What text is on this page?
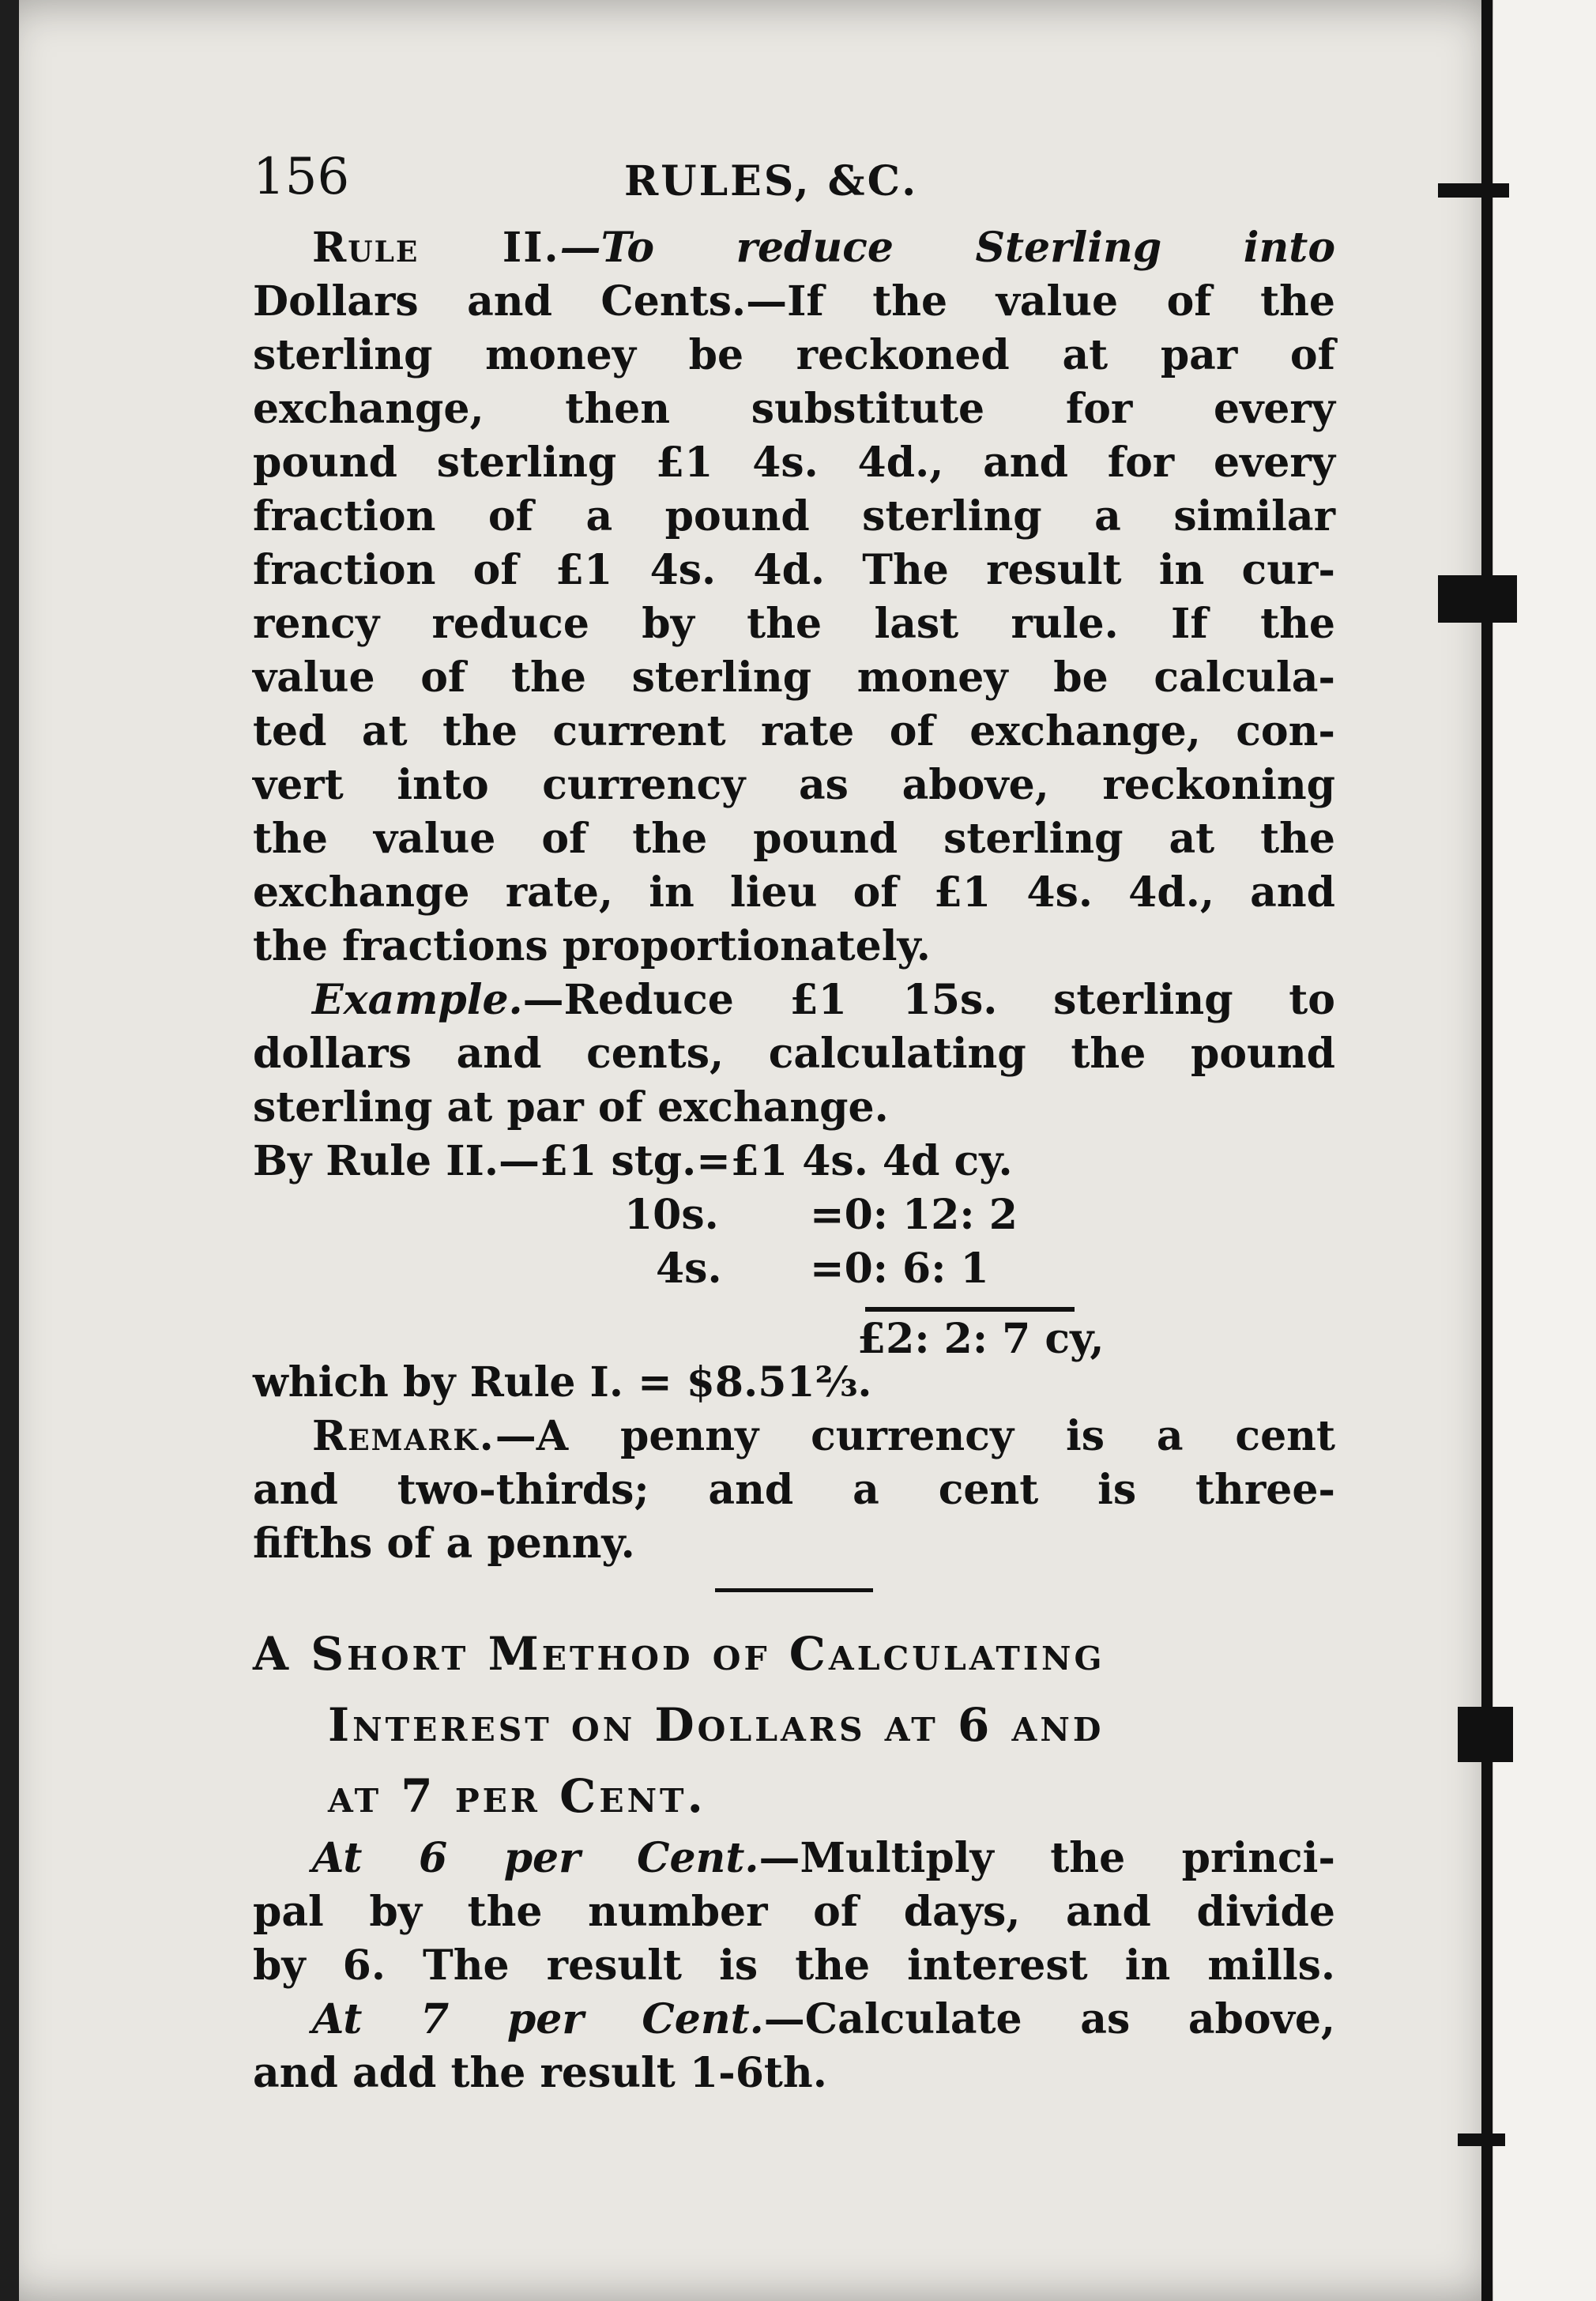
156	RULES, &C.
Rule II.—To reduce Sterling into
Dollars and Cents.—If the value of the
sterling money be reckoned at par of
exchange, then substitute for every
pound sterling £1 4s. 4d., and for every
fraction of a pound sterling a similar
fraction of £1 4s. 4d. The result in cur-
rency reduce by the last rule. If the
value of the sterling money be calcula-
ted at the current rate of exchange, con-
vert into currency as above, reckoning
the value of the pound sterling at the
exchange rate, in lieu of £1 4s. 4d., and
the fractions proportionately.
Example.—Reduce £1 15s. sterling to
dollars and cents, calculating the pound
sterling at par of exchange.
By Rule II.—£1 stg.=£1 4s. 4d cy.
10s. =0: 12: 2
4s. =0: 6: 1
£2: 2: 7 cy,
which by Rule I. = $8.51⅔.
Remark.—A penny currency is a cent
and two-thirds; and a cent is three-
fifths of a penny.
A Short Method of Calculating
Interest on Dollars at 6 and
at 7 per Cent.
At 6 per Cent.—Multiply the princi-
pal by the number of days, and divide
by 6. The result is the interest in mills.
At 7 per Cent.—Calculate as above,
and add the result 1-6th.
